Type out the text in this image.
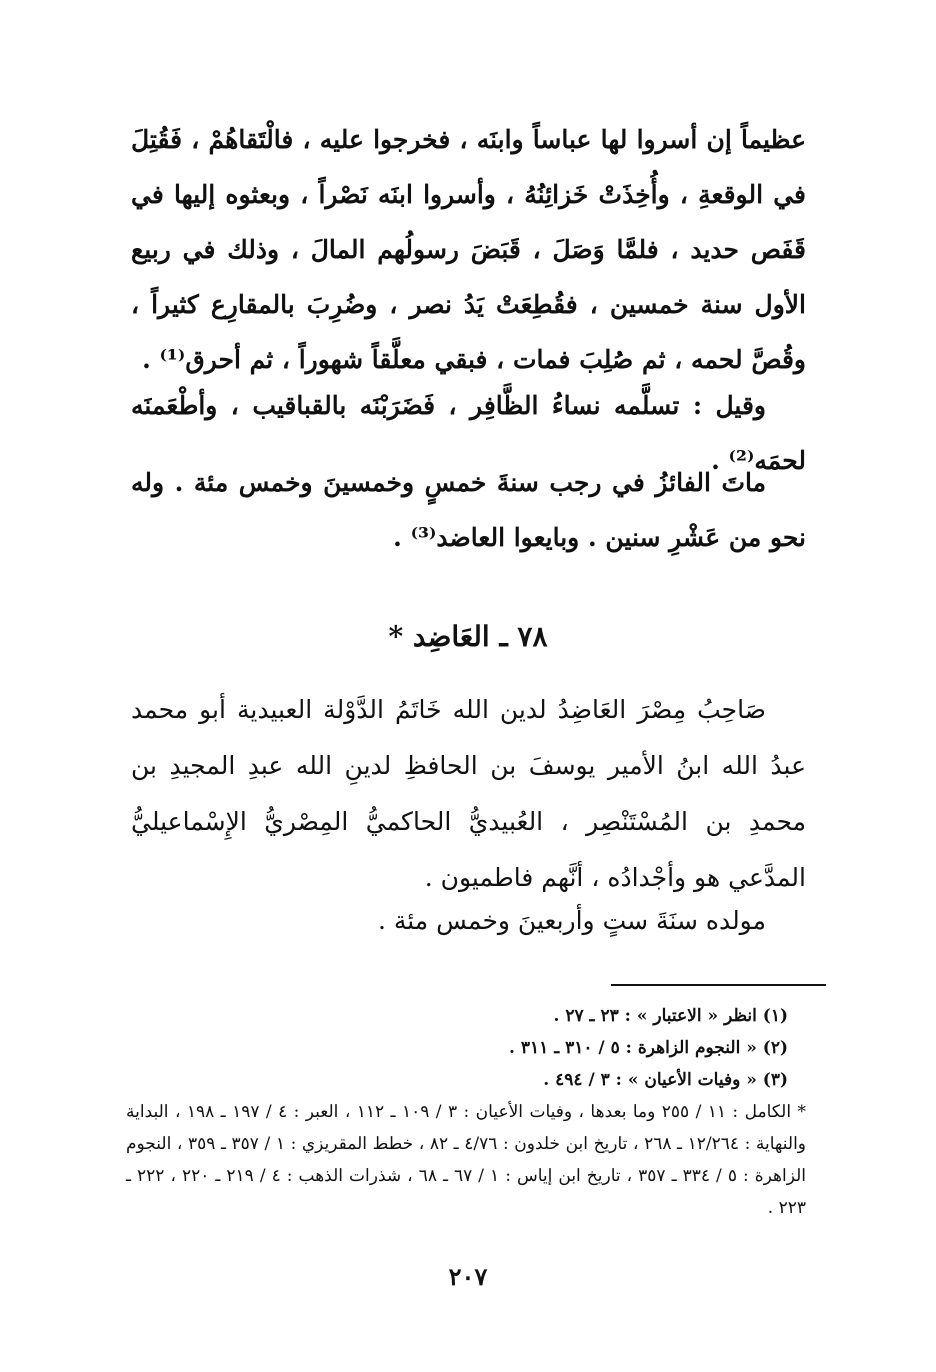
عظيماً إن أسروا لها عباساً وابنَه ، فخرجوا عليه ، فالْتَقاهُمْ ، فَقُتِلَ في الوقعةِ ، وأُخِذَتْ خَزائِنُهُ ، وأسروا ابنَه نَصْراً ، وبعثوه إليها في قَفَص حديد ، فلمَّا وَصَلَ ، قَبَضَ رسولُهم المالَ ، وذلك في ربيع الأول سنة خمسين ، فقُطِعَتْ يَدُ نصر ، وضُرِبَ بالمقارِع كثيراً ، وقُصَّ لحمه ، ثم صُلِبَ فمات ، فبقي معلَّقاً شهوراً ، ثم أحرق⁽¹⁾ .

وقيل : تسلَّمه نساءُ الظَّافِر ، فَضَرَبْنَه بالقباقيب ، وأطْعَمنَه لحمَه⁽²⁾ .

ماتَ الفائزُ في رجب سنةَ خمسٍ وخمسينَ وخمس مئة . وله نحو من عَشْرِ سنين . وبايعوا العاضد⁽³⁾ .

٧٨ ـ العَاضِد *

صَاحِبُ مِصْرَ العَاضِدُ لدين الله خَاتَمُ الدَّوْلة العبيدية أبو محمد عبدُ الله ابنُ الأمير يوسفَ بن الحافظِ لدينِ الله عبدِ المجيدِ بن محمدِ بن المُسْتَنْصِر ، العُبيديُّ الحاكميُّ المِصْريُّ الإِسْماعيليُّ المدَّعي هو وأجْدادُه ، أنَّهم فاطميون .

مولده سنَةَ ستٍ وأربعينَ وخمس مئة .

(١) انظر « الاعتبار » : ٢٣ ـ ٢٧ .

(٢) « النجوم الزاهرة : ٥ / ٣١٠ ـ ٣١١ .

(٣) « وفيات الأعيان » : ٣ / ٤٩٤ .

* الكامل : ١١ / ٢٥٥ وما بعدها ، وفيات الأعيان : ٣ / ١٠٩ ـ ١١٢ ، العبر : ٤ / ١٩٧ ـ ١٩٨ ، البداية والنهاية : ١٢/٢٦٤ ـ ٢٦٨ ، تاريخ ابن خلدون : ٤/٧٦ ـ ٨٢ ، خطط المقريزي : ١ / ٣٥٧ ـ ٣٥٩ ، النجوم الزاهرة : ٥ / ٣٣٤ ـ ٣٥٧ ، تاريخ ابن إياس : ١ / ٦٧ ـ ٦٨ ، شذرات الذهب : ٤ / ٢١٩ ـ ٢٢٠ ، ٢٢٢ ـ ٢٢٣ .

٢٠٧
